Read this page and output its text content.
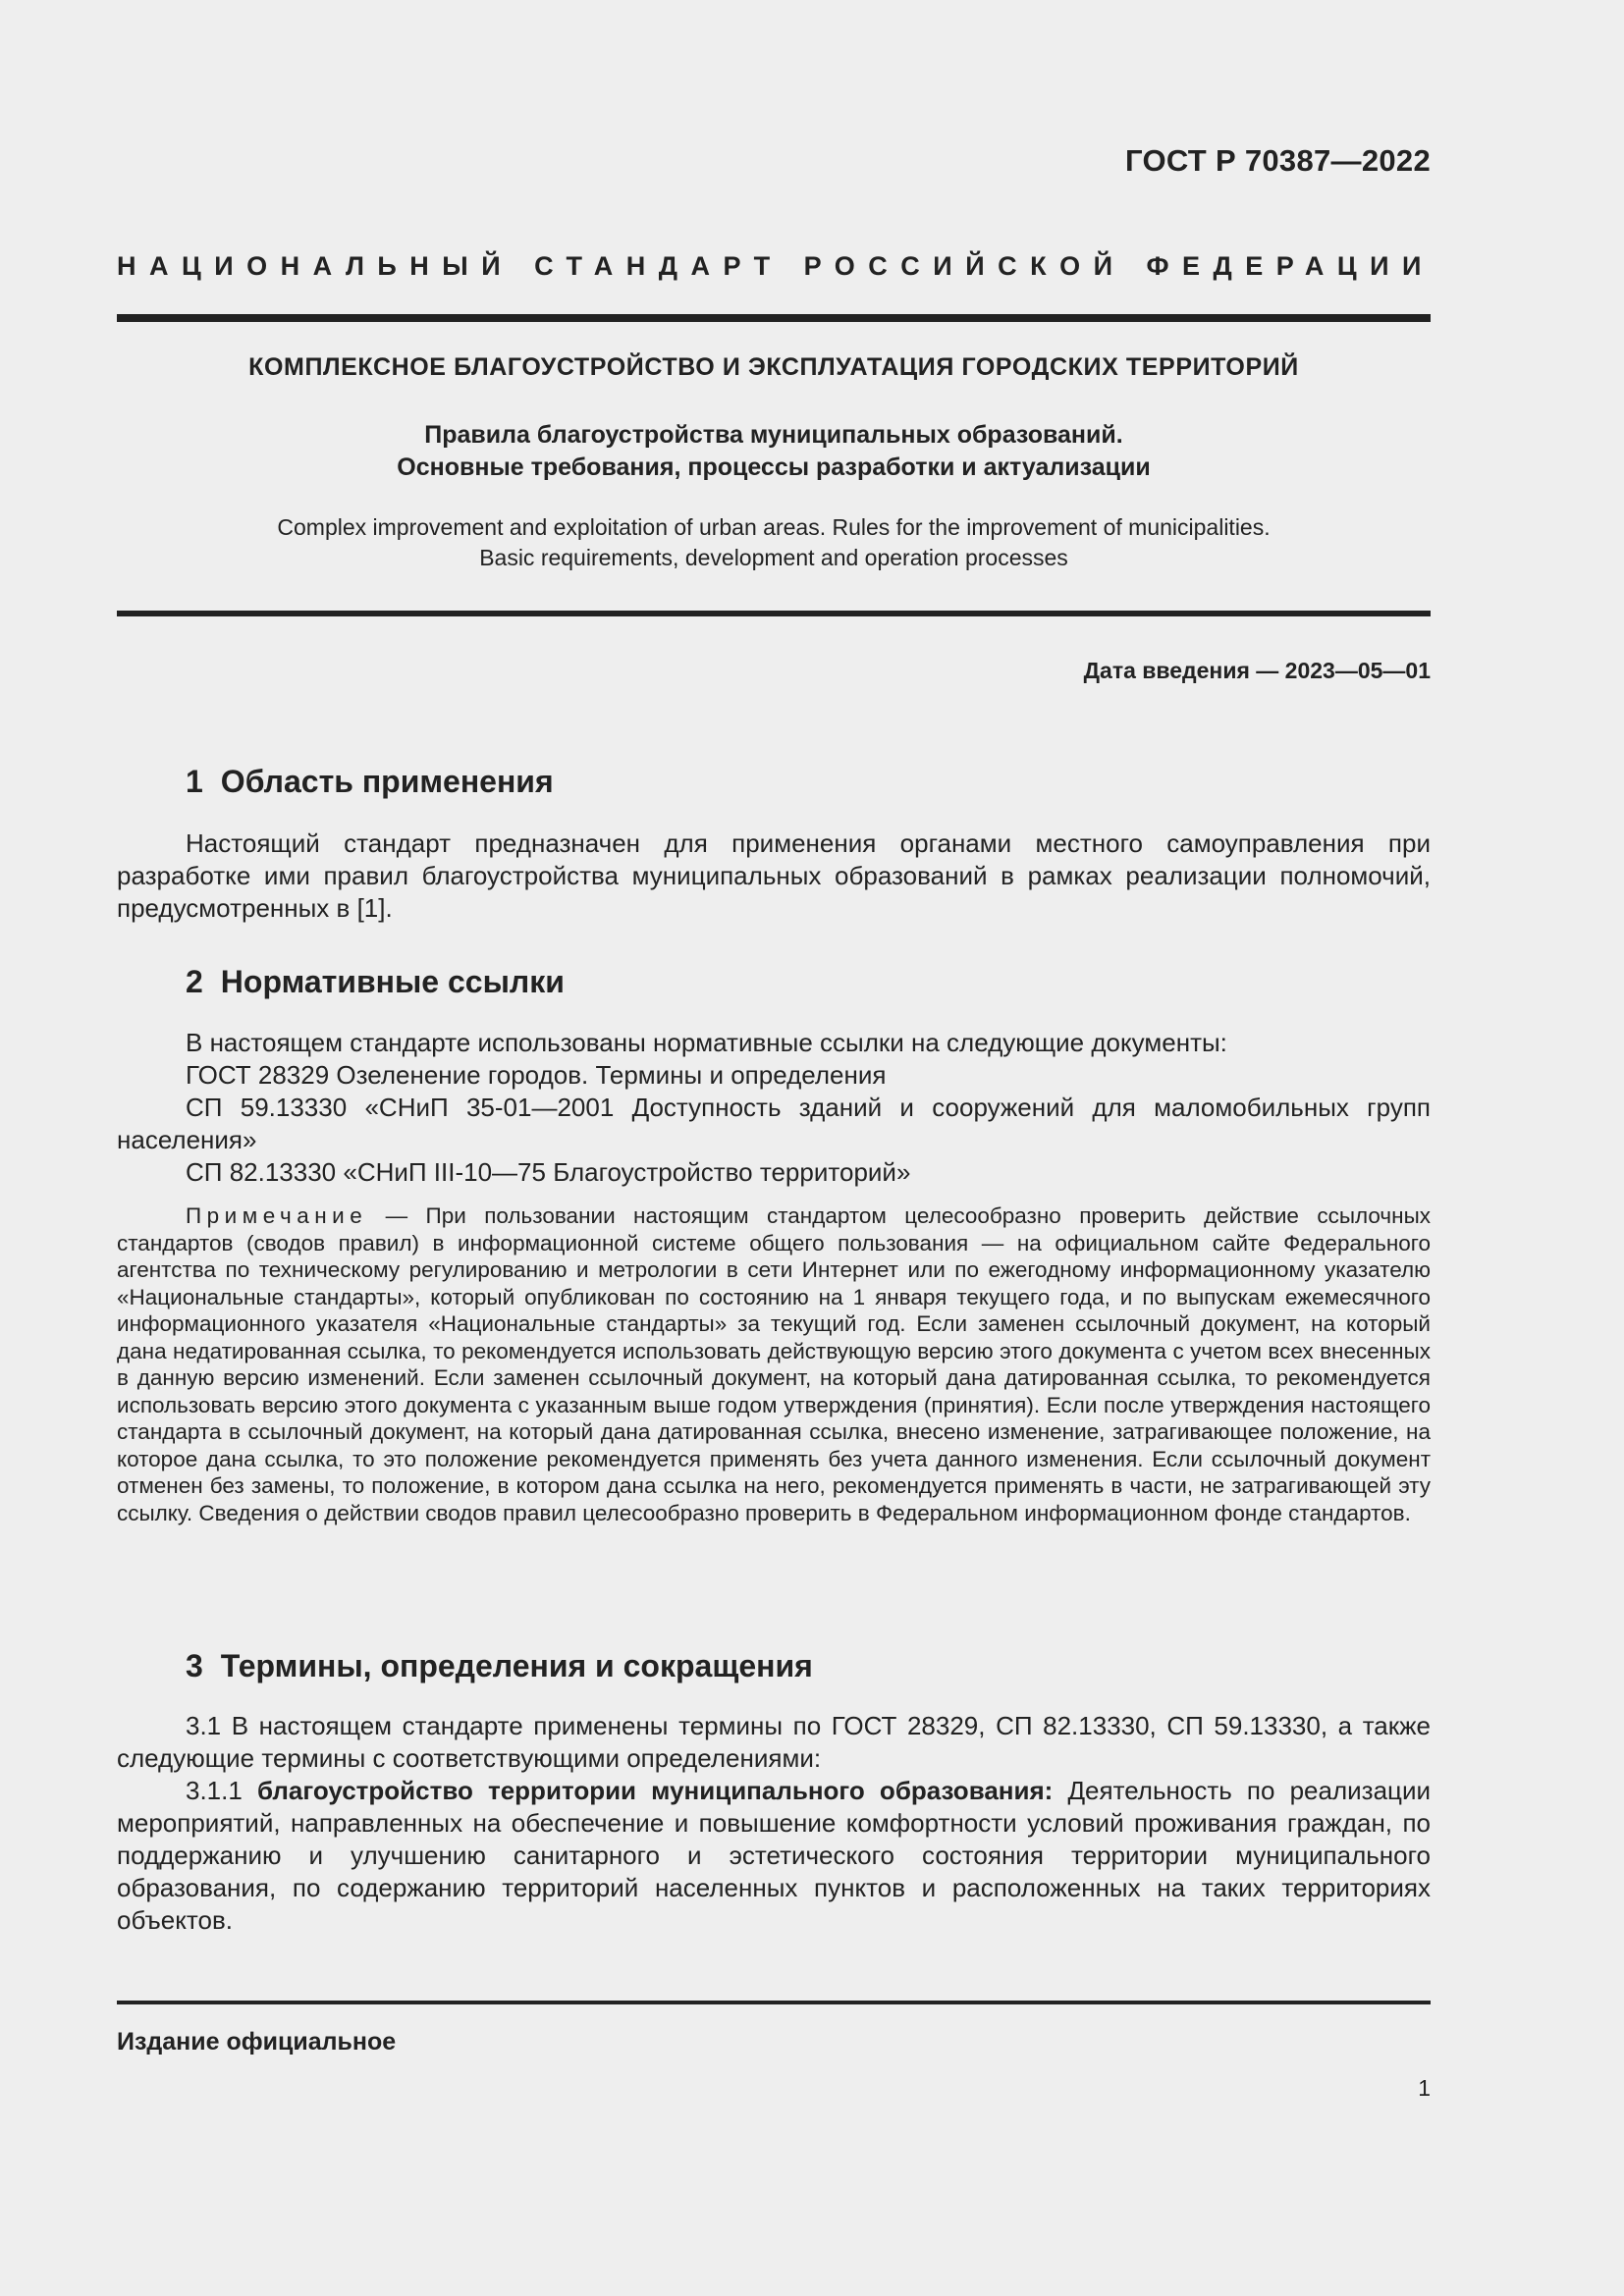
ГОСТ Р 70387—2022
НАЦИОНАЛЬНЫЙ СТАНДАРТ РОССИЙСКОЙ ФЕДЕРАЦИИ
КОМПЛЕКСНОЕ БЛАГОУСТРОЙСТВО И ЭКСПЛУАТАЦИЯ ГОРОДСКИХ ТЕРРИТОРИЙ
Правила благоустройства муниципальных образований.
Основные требования, процессы разработки и актуализации
Complex improvement and exploitation of urban areas. Rules for the improvement of municipalities.
Basic requirements, development and operation processes
Дата введения — 2023—05—01
1 Область применения
Настоящий стандарт предназначен для применения органами местного самоуправления при разработке ими правил благоустройства муниципальных образований в рамках реализации полномочий, предусмотренных в [1].
2 Нормативные ссылки
В настоящем стандарте использованы нормативные ссылки на следующие документы:
ГОСТ 28329 Озеленение городов. Термины и определения
СП 59.13330 «СНиП 35-01—2001 Доступность зданий и сооружений для маломобильных групп населения»
СП 82.13330 «СНиП III-10—75 Благоустройство территорий»
Примечание — При пользовании настоящим стандартом целесообразно проверить действие ссылочных стандартов (сводов правил) в информационной системе общего пользования — на официальном сайте Федерального агентства по техническому регулированию и метрологии в сети Интернет или по ежегодному информационному указателю «Национальные стандарты», который опубликован по состоянию на 1 января текущего года, и по выпускам ежемесячного информационного указателя «Национальные стандарты» за текущий год. Если заменен ссылочный документ, на который дана недатированная ссылка, то рекомендуется использовать действующую версию этого документа с учетом всех внесенных в данную версию изменений. Если заменен ссылочный документ, на который дана датированная ссылка, то рекомендуется использовать версию этого документа с указанным выше годом утверждения (принятия). Если после утверждения настоящего стандарта в ссылочный документ, на который дана датированная ссылка, внесено изменение, затрагивающее положение, на которое дана ссылка, то это положение рекомендуется применять без учета данного изменения. Если ссылочный документ отменен без замены, то положение, в котором дана ссылка на него, рекомендуется применять в части, не затрагивающей эту ссылку. Сведения о действии сводов правил целесообразно проверить в Федеральном информационном фонде стандартов.
3 Термины, определения и сокращения
3.1 В настоящем стандарте применены термины по ГОСТ 28329, СП 82.13330, СП 59.13330, а также следующие термины с соответствующими определениями:
3.1.1 благоустройство территории муниципального образования: Деятельность по реализации мероприятий, направленных на обеспечение и повышение комфортности условий проживания граждан, по поддержанию и улучшению санитарного и эстетического состояния территории муниципального образования, по содержанию территорий населенных пунктов и расположенных на таких территориях объектов.
Издание официальное
1
